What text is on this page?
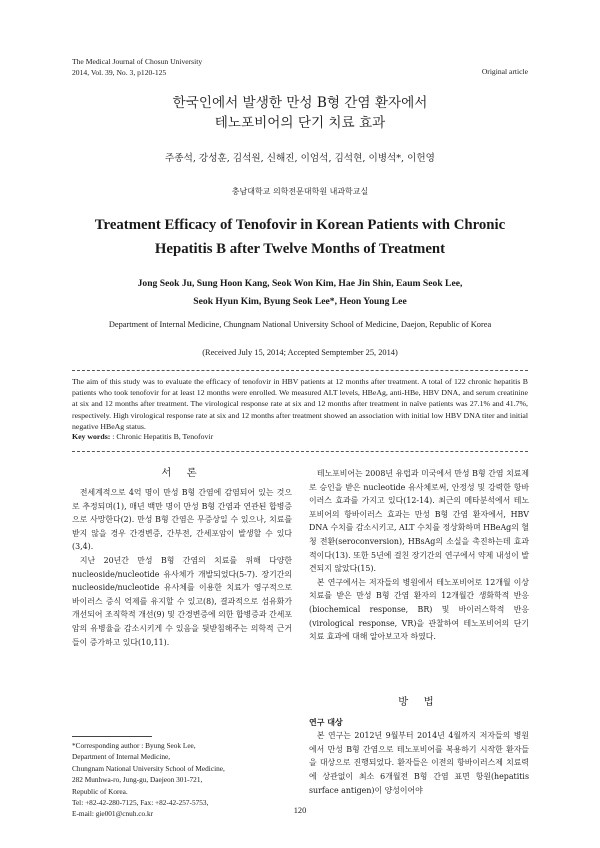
The Medical Journal of Chosun University
2014, Vol. 39, No. 3, p120-125	Original article
한국인에서 발생한 만성 B형 간염 환자에서
테노포비어의 단기 치료 효과
주종석, 강성훈, 김석원, 신해진, 이엄석, 김석현, 이병석*, 이헌영
충남대학교 의학전문대학원 내과학교실
Treatment Efficacy of Tenofovir in Korean Patients with Chronic
Hepatitis B after Twelve Months of Treatment
Jong Seok Ju, Sung Hoon Kang, Seok Won Kim, Hae Jin Shin, Eaum Seok Lee,
Seok Hyun Kim, Byung Seok Lee*, Heon Young Lee
Department of Internal Medicine, Chungnam National University School of Medicine, Daejon, Republic of Korea
(Received July 15, 2014; Accepted Semptember 25, 2014)
The aim of this study was to evaluate the efficacy of tenofovir in HBV patients at 12 months after treatment. A total of 122 chronic hepatitis B patients who took tenofovir for at least 12 months were enrolled. We measured ALT levels, HBeAg, anti-HBe, HBV DNA, and serum creatinine at six and 12 months after treatment. The virological response rate at six and 12 months after treatment in naïve patients was 27.1% and 41.7%, respectively. High virological response rate at six and 12 months after treatment showed an association with initial low HBV DNA titer and initial negative HBeAg status.
Key words: : Chronic Hepatitis B, Tenofovir
서 론

전세계적으로 4억 명이 만성 B형 간염에 감염되어 있는 것으로 추정되며(1), 매년 백만 명이 만성 B형 간염과 연관된 합병증으로 사망한다(2). 만성 B형 간염은 무증상일 수 있으나, 치료를 받지 않을 경우 간경변증, 간부전, 간세포암이 발생할 수 있다(3,4).

지난 20년간 만성 B형 간염의 치료를 위해 다양한 nucleoside/nucleotide 유사체가 개발되었다(5-7). 장기간의 nucleoside/nucleotide 유사체를 이용한 치료가 영구적으로 바이러스 증식 억제를 유지할 수 있고(8), 결과적으로 섬유화가 개선되어 조직학적 개선(9) 및 간경변증에 의한 합병증과 간세포암의 유병율을 감소시키게 수 있음을 뒷받침해주는 의학적 근거들이 증가하고 있다(10,11).

테노포비어는 2008년 유럽과 미국에서 만성 B형 간염 치료제로 승인을 받은 nucleotide 유사체로써, 안정성 및 강력한 항바이러스 효과를 가지고 있다(12-14). 최근의 메타분석에서 테노포비어의 항바이러스 효과는 만성 B형 간염 환자에서, HBV DNA 수치를 감소시키고, ALT 수치를 정상화하며 HBeAg의 혈청 전환(seroconversion), HBsAg의 소실을 촉진하는데 효과적이다(13). 또한 5년에 걸친 장기간의 연구에서 약제 내성이 발견되지 않았다(15).

본 연구에서는 저자들의 병원에서 테노포비어로 12개월 이상 치료를 받은 만성 B형 간염 환자의 12개월간 생화학적 반응(biochemical response, BR) 및 바이러스학적 반응(virological response, VR)을 관찰하여 테노포비어의 단기 치료 효과에 대해 알아보고자 하였다.

방 법
연구 대상

본 연구는 2012년 9월부터 2014년 4월까지 저자들의 병원에서 만성 B형 간염으로 테노포비어를 복용하기 시작한 환자들을 대상으로 진행되었다. 환자들은 이전의 항바이러스제 치료력에 상관없이 최소 6개월전 B형 간염 표면 항원(hepatitis surface antigen)이 양성이어야

*Corresponding author : Byung Seok Lee,
Department of Internal Medicine,
Chungnam National University School of Medicine,
282 Munhwa-ro, Jung-gu, Daejeon 301-721,
Republic of Korea.
Tel: +82-42-280-7125, Fax: +82-42-257-5753,
E-mail: gie001@cnuh.co.kr	120
